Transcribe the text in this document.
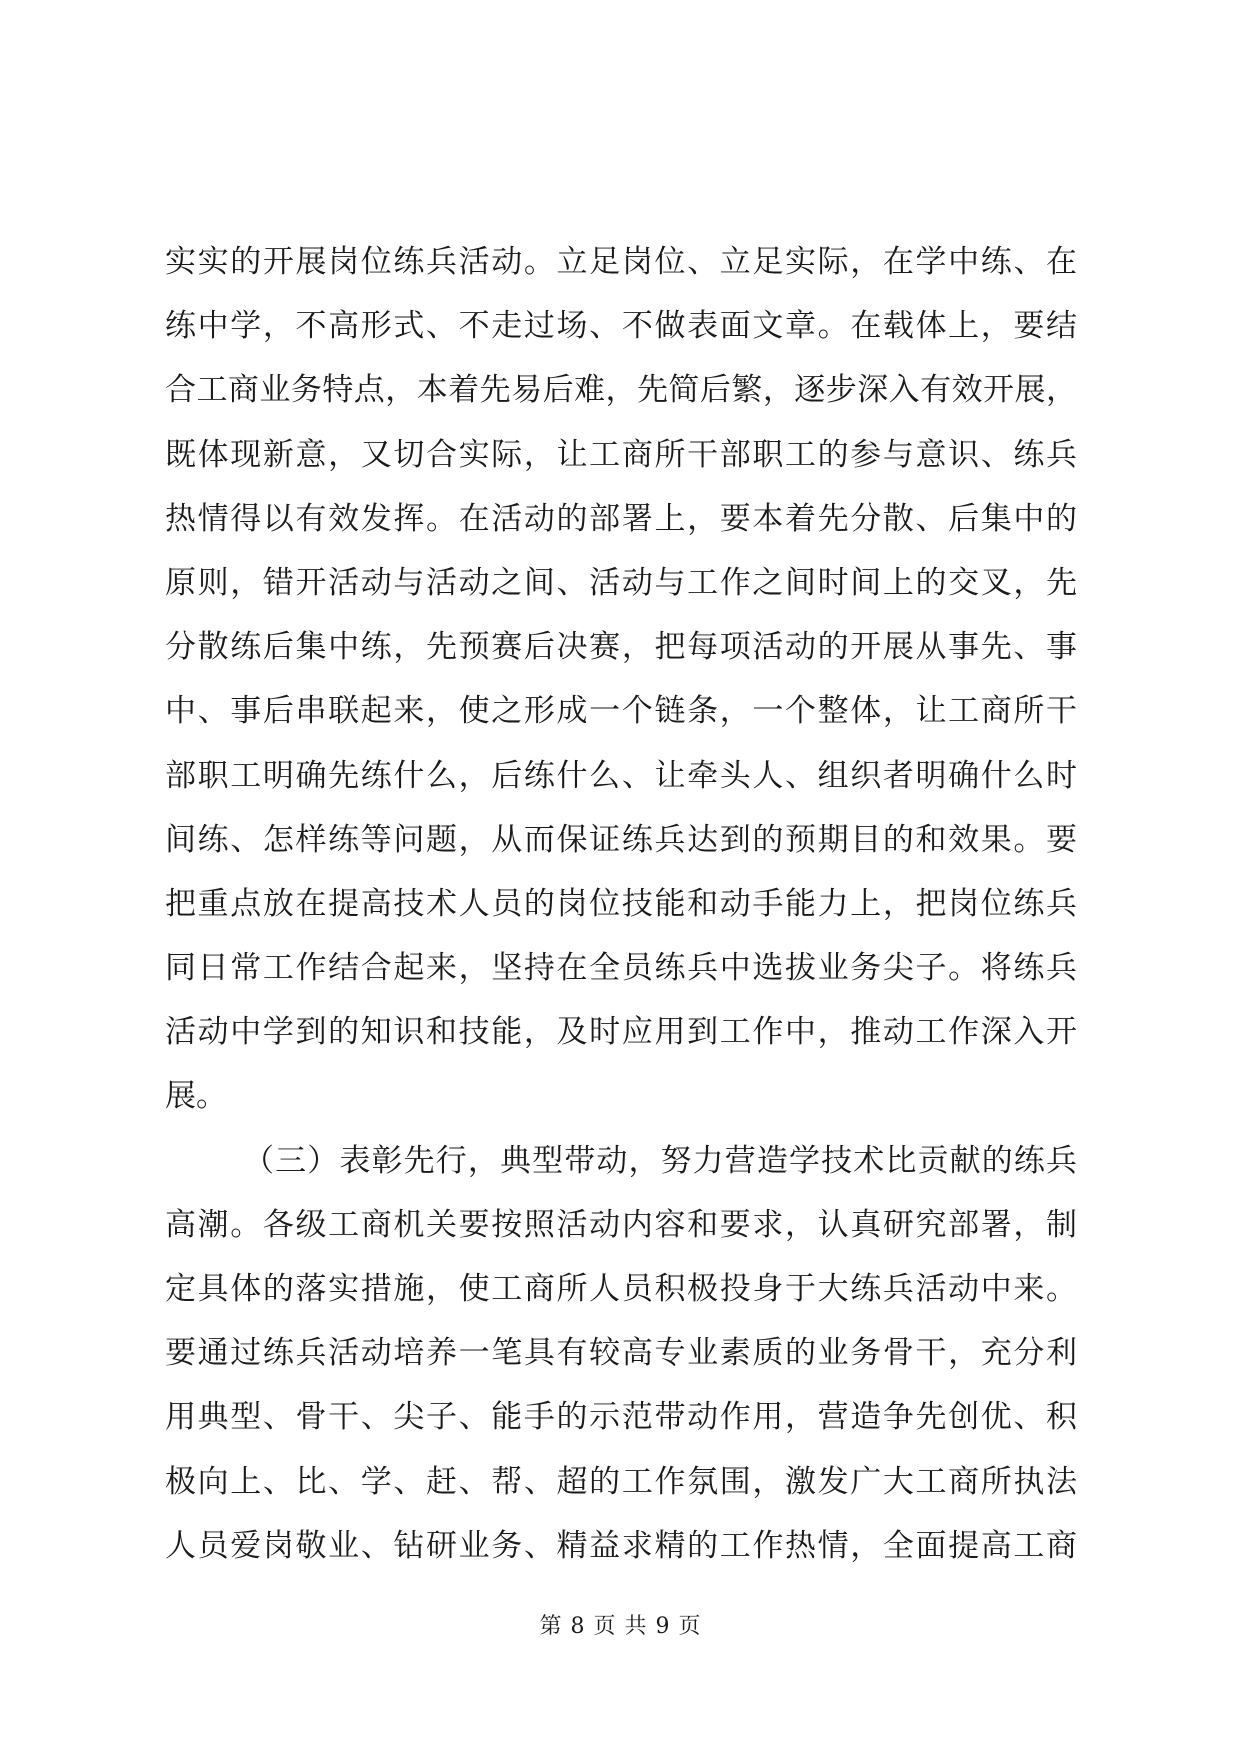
实实的开展岗位练兵活动。立足岗位、立足实际，在学中练、在
练中学，不高形式、不走过场、不做表面文章。在载体上，要结
合工商业务特点，本着先易后难，先简后繁，逐步深入有效开展，
既体现新意，又切合实际，让工商所干部职工的参与意识、练兵
热情得以有效发挥。在活动的部署上，要本着先分散、后集中的
原则，错开活动与活动之间、活动与工作之间时间上的交叉，先
分散练后集中练，先预赛后决赛，把每项活动的开展从事先、事
中、事后串联起来，使之形成一个链条，一个整体，让工商所干
部职工明确先练什么，后练什么、让牵头人、组织者明确什么时
间练、怎样练等问题，从而保证练兵达到的预期目的和效果。要
把重点放在提高技术人员的岗位技能和动手能力上，把岗位练兵
同日常工作结合起来，坚持在全员练兵中选拔业务尖子。将练兵
活动中学到的知识和技能，及时应用到工作中，推动工作深入开
展。
（三）表彰先行，典型带动，努力营造学技术比贡献的练兵
高潮。各级工商机关要按照活动内容和要求，认真研究部署，制
定具体的落实措施，使工商所人员积极投身于大练兵活动中来。
要通过练兵活动培养一笔具有较高专业素质的业务骨干，充分利
用典型、骨干、尖子、能手的示范带动作用，营造争先创优、积
极向上、比、学、赶、帮、超的工作氛围，激发广大工商所执法
人员爱岗敬业、钻研业务、精益求精的工作热情，全面提高工商
第 8 页 共 9 页
